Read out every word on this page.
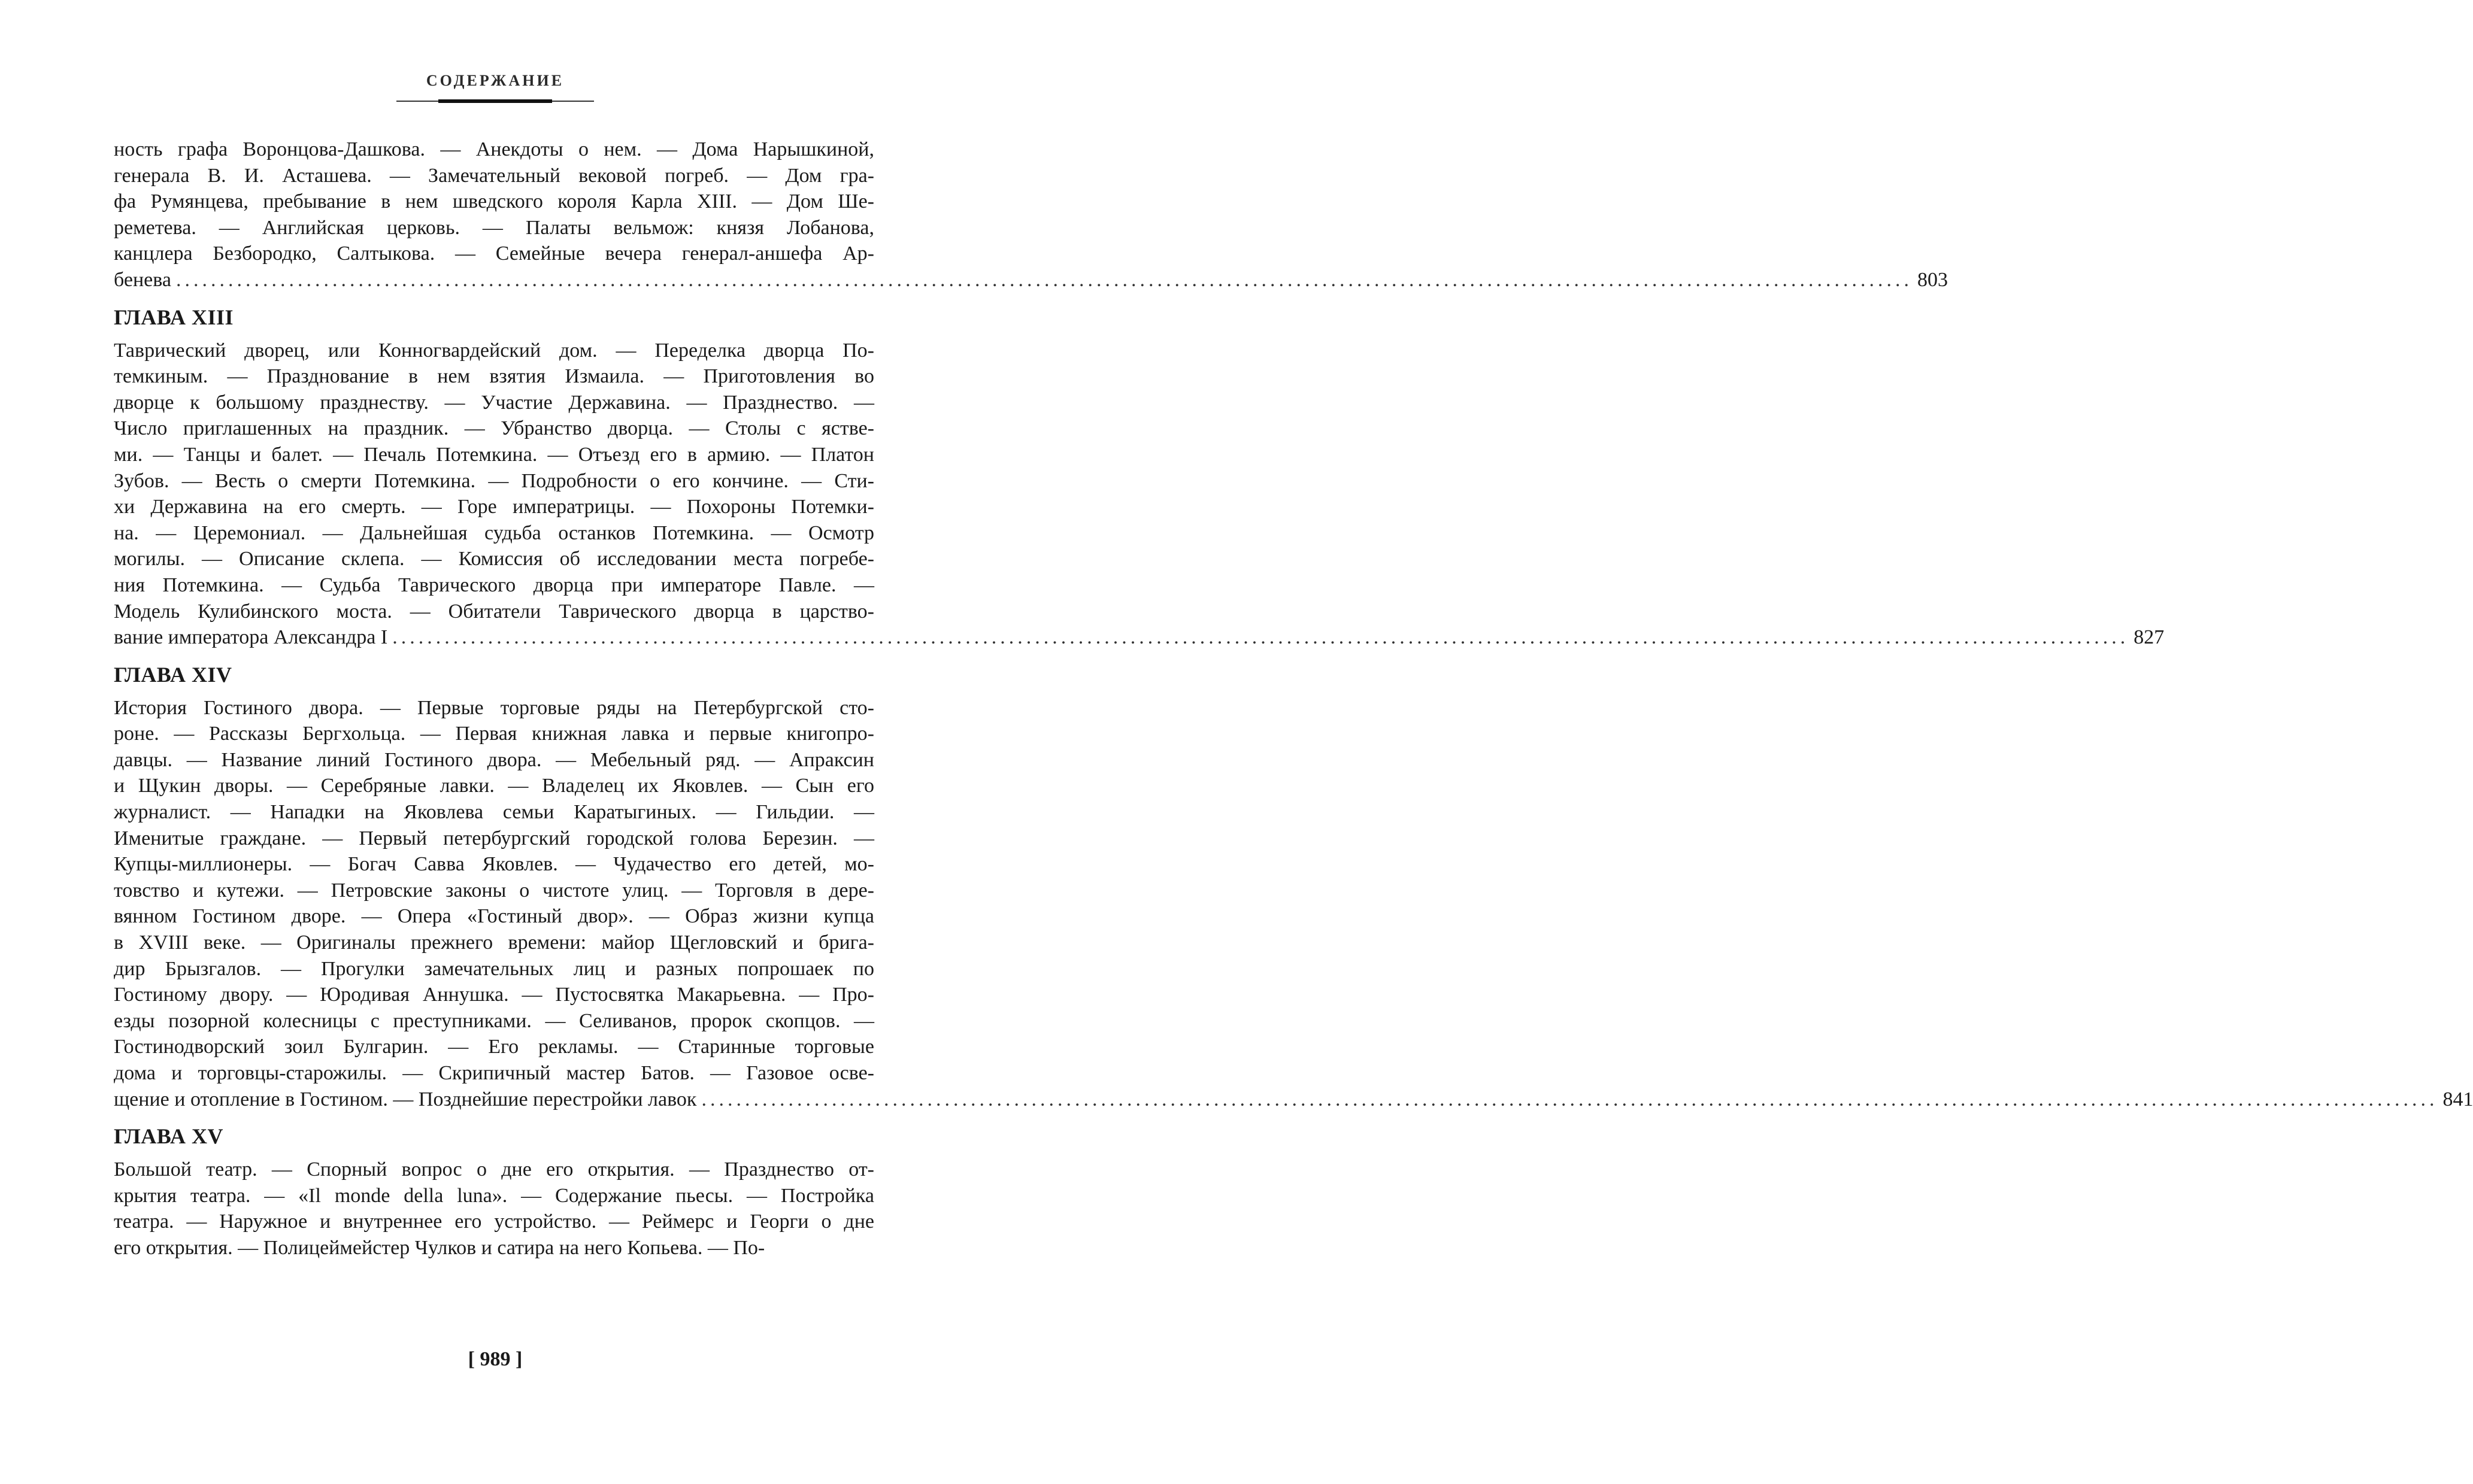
СОДЕРЖАНИЕ
ность графа Воронцова-Дашкова. — Анекдоты о нем. — Дома Нарышкиной,
генерала В. И. Асташева. — Замечательный вековой погреб. — Дом гра-
фа Румянцева, пребывание в нем шведского короля Карла XIII. — Дом Ше-
реметева. — Английская церковь. — Палаты вельмож: князя Лобанова,
канцлера Безбородко, Салтыкова. — Семейные вечера генерал-аншефа Ар-
бенева ........................................................................................................................................................................................................ 803
ГЛАВА XIII
Таврический дворец, или Конногвардейский дом. — Переделка дворца По-
темкиным. — Празднование в нем взятия Измаила. — Приготовления во
дворце к большому празднеству. — Участие Державина. — Празднество. —
Число приглашенных на праздник. — Убранство дворца. — Столы с ястве-
ми. — Танцы и балет. — Печаль Потемкина. — Отъезд его в армию. — Платон
Зубов. — Весть о смерти Потемкина. — Подробности о его кончине. — Сти-
хи Державина на его смерть. — Горе императрицы. — Похороны Потемки-
на. — Церемониал. — Дальнейшая судьба останков Потемкина. — Осмотр
могилы. — Описание склепа. — Комиссия об исследовании места погребе-
ния Потемкина. — Судьба Таврического дворца при императоре Павле. —
Модель Кулибинского моста. — Обитатели Таврического дворца в царство-
вание императора Александра I ........................................................................................................................................................................................................ 827
ГЛАВА XIV
История Гостиного двора. — Первые торговые ряды на Петербургской сто-
роне. — Рассказы Бергхольца. — Первая книжная лавка и первые книгопро-
давцы. — Название линий Гостиного двора. — Мебельный ряд. — Апраксин
и Щукин дворы. — Серебряные лавки. — Владелец их Яковлев. — Сын его
журналист. — Нападки на Яковлева семьи Каратыгиных. — Гильдии. —
Именитые граждане. — Первый петербургский городской голова Березин. —
Купцы-миллионеры. — Богач Савва Яковлев. — Чудачество его детей, мо-
товство и кутежи. — Петровские законы о чистоте улиц. — Торговля в дере-
вянном Гостином дворе. — Опера «Гостиный двор». — Образ жизни купца
в XVIII веке. — Оригиналы прежнего времени: майор Щегловский и брига-
дир Брызгалов. — Прогулки замечательных лиц и разных попрошаек по
Гостиному двору. — Юродивая Аннушка. — Пустосвятка Макарьевна. — Про-
езды позорной колесницы с преступниками. — Селиванов, пророк скопцов. —
Гостинодворский зоил Булгарин. — Его рекламы. — Старинные торговые
дома и торговцы-старожилы. — Скрипичный мастер Батов. — Газовое осве-
щение и отопление в Гостином. — Позднейшие перестройки лавок ........................................................................................................................................................................................................ 841
ГЛАВА XV
Большой театр. — Спорный вопрос о дне его открытия. — Празднество от-
крытия театра. — «Il monde della luna». — Содержание пьесы. — Постройка
театра. — Наружное и внутреннее его устройство. — Реймерс и Георги о дне
его открытия. — Полицеймейстер Чулков и сатира на него Копьева. — По-
[ 989 ]
